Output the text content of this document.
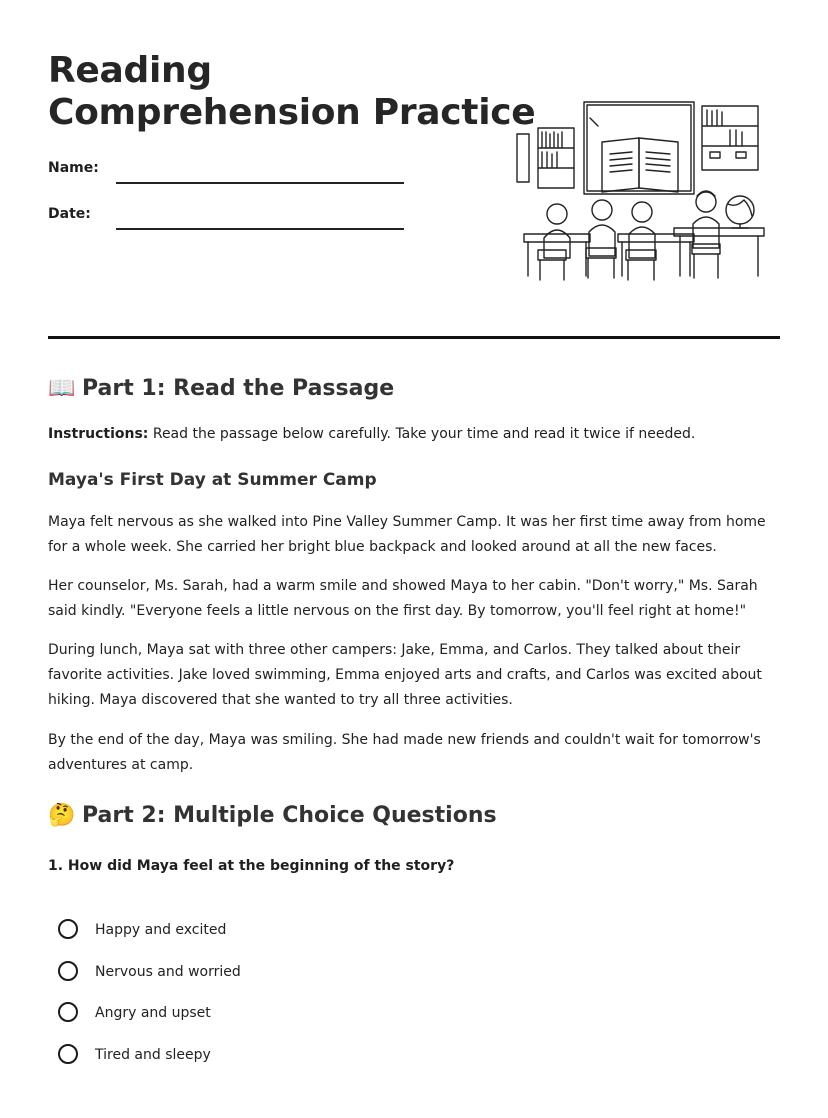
Reading
Comprehension Practice
Name:
Date:
📖 Part 1: Read the Passage

Instructions: Read the passage below carefully. Take your time and read it twice if needed.

Maya's First Day at Summer Camp

Maya felt nervous as she walked into Pine Valley Summer Camp. It was her first time away from home for a whole week. She carried her bright blue backpack and looked around at all the new faces.

Her counselor, Ms. Sarah, had a warm smile and showed Maya to her cabin. "Don't worry," Ms. Sarah said kindly. "Everyone feels a little nervous on the first day. By tomorrow, you'll feel right at home!"

During lunch, Maya sat with three other campers: Jake, Emma, and Carlos. They talked about their favorite activities. Jake loved swimming, Emma enjoyed arts and crafts, and Carlos was excited about hiking. Maya discovered that she wanted to try all three activities.

By the end of the day, Maya was smiling. She had made new friends and couldn't wait for tomorrow's adventures at camp.

🤔 Part 2: Multiple Choice Questions

1. How did Maya feel at the beginning of the story?

Happy and excited
Nervous and worried
Angry and upset
Tired and sleepy
